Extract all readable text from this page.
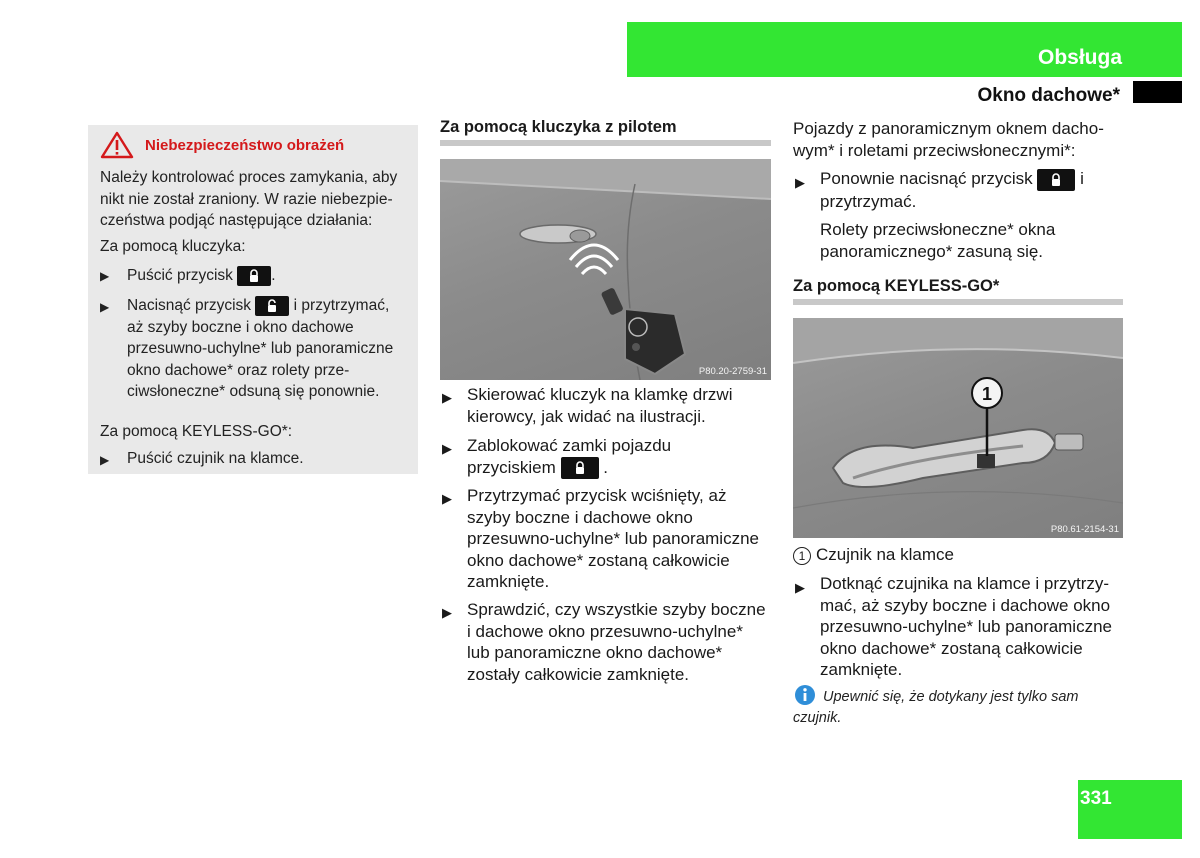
Obsługa
Okno dachowe*
Niebezpieczeństwo obrażeń
Należy kontrolować proces zamykania, aby
nikt nie został zraniony. W razie niebezpie-
czeństwa podjąć następujące działania:
Za pomocą kluczyka:
▶ Puścić przycisk .
▶ Nacisnąć przycisk	i przytrzymać,
aż szyby boczne i okno dachowe
przesuwno-uchylne* lub panoramiczne
okno dachowe* oraz rolety prze-
ciwsłoneczne* odsuną się ponownie.
Za pomocą KEYLESS-GO*:
▶ Puścić czujnik na klamce.
Za pomocą kluczyka z pilotem
P80.20-2759-31
▶ Skierować kluczyk na klamkę drzwi
kierowcy, jak widać na ilustracji.
▶ Zablokować zamki pojazdu
przyciskiem	.
▶ Przytrzymać przycisk wciśnięty, aż
szyby boczne i dachowe okno
przesuwno-uchylne* lub panoramiczne
okno dachowe* zostaną całkowicie
zamknięte.
▶ Sprawdzić, czy wszystkie szyby boczne
i dachowe okno przesuwno-uchylne*
lub panoramiczne okno dachowe*
zostały całkowicie zamknięte.
Pojazdy z panoramicznym oknem dacho-
wym* i roletami przeciwsłonecznymi*:
▶ Ponownie nacisnąć przycisk	i
przytrzymać.
Rolety przeciwsłoneczne* okna
panoramicznego* zasuną się.
Za pomocą KEYLESS-GO*
1
P80.61-2154-31
1 Czujnik na klamce
▶ Dotknąć czujnika na klamce i przytrzy-
mać, aż szyby boczne i dachowe okno
przesuwno-uchylne* lub panoramiczne
okno dachowe* zostaną całkowicie
zamknięte.
Upewnić się, że dotykany jest tylko sam
czujnik.
331
